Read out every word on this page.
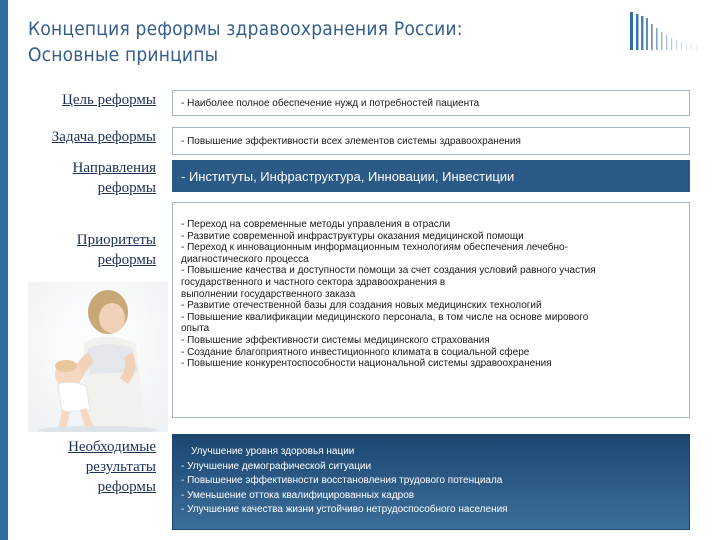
Концепция реформы здравоохранения России:
Основные принципы
Цель реформы	- Наиболее полное обеспечение нужд и потребностей пациента
Задача реформы	- Повышение эффективности всех элементов системы здравоохранения
Направления
реформы
- Институты, Инфраструктура, Инновации, Инвестиции
Приоритеты
реформы
- Переход на современные методы управления в отрасли
- Развитие современной инфраструктуры оказания медицинской помощи
- Переход к инновационным информационным технологиям обеспечения лечебно-
диагностического процесса
- Повышение качества и доступности помощи за счет создания условий равного участия
государственного и частного сектора здравоохранения в
выполнении государственного заказа
- Развитие отечественной базы для создания новых медицинских технологий
- Повышение квалификации медицинского персонала, в том числе на основе мирового
опыта
- Повышение эффективности системы медицинского страхования
- Создание благоприятного инвестиционного климата в социальной сфере
- Повышение конкурентоспособности национальной системы здравоохранения
Необходимые
результаты
реформы
Улучшение уровня здоровья нации
- Улучшение демографической ситуации
- Повышение эффективности восстановления трудового потенциала
- Уменьшение оттока квалифицированных кадров
- Улучшение качества жизни устойчиво нетрудоспособного населения
